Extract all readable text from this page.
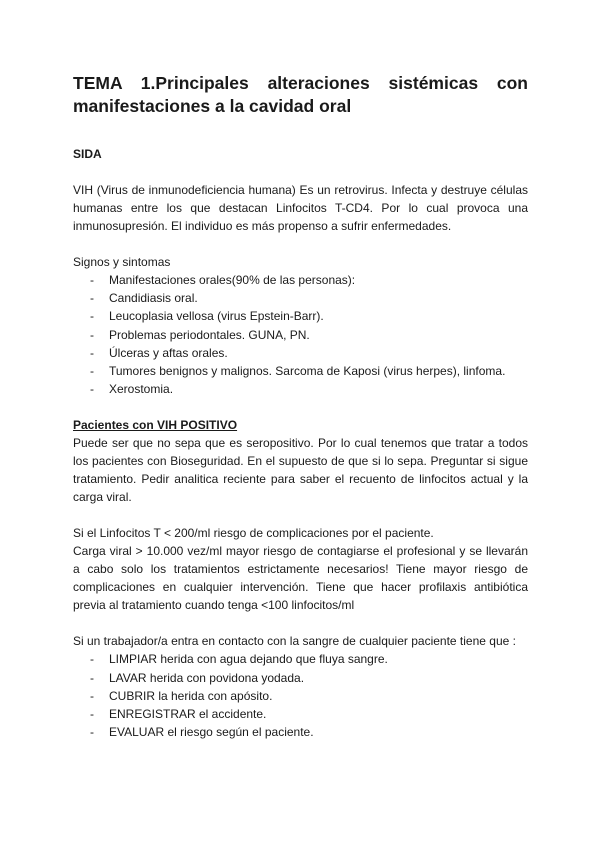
TEMA 1.Principales alteraciones sistémicas con
manifestaciones a la cavidad oral
SIDA

VIH (Virus de inmunodeficiencia humana) Es un retrovirus. Infecta y destruye células humanas entre los que destacan Linfocitos T-CD4. Por lo cual provoca una inmunosupresión. El individuo es más propenso a sufrir enfermedades.

Signos y sintomas

- Manifestaciones orales(90% de las personas):
- Candidiasis oral.
- Leucoplasia vellosa (virus Epstein-Barr).
- Problemas periodontales. GUNA, PN.
- Úlceras y aftas orales.
- Tumores benignos y malignos. Sarcoma de Kaposi (virus herpes), linfoma.
- Xerostomia.
Pacientes con VIH POSITIVO

Puede ser que no sepa que es seropositivo. Por lo cual tenemos que tratar a todos los pacientes con Bioseguridad. En el supuesto de que si lo sepa. Preguntar si sigue tratamiento. Pedir analitica reciente para saber el recuento de linfocitos actual y la carga viral.

Si el Linfocitos T < 200/ml riesgo de complicaciones por el paciente.

Carga viral > 10.000 vez/ml mayor riesgo de contagiarse el profesional y se llevarán a cabo solo los tratamientos estrictamente necesarios! Tiene mayor riesgo de complicaciones en cualquier intervención. Tiene que hacer profilaxis antibiótica previa al tratamiento cuando tenga <100 linfocitos/ml

Si un trabajador/a entra en contacto con la sangre de cualquier paciente tiene que :

- LIMPIAR herida con agua dejando que fluya sangre.
- LAVAR herida con povidona yodada.
- CUBRIR la herida con apósito.
- ENREGISTRAR el accidente.
- EVALUAR el riesgo según el paciente.
